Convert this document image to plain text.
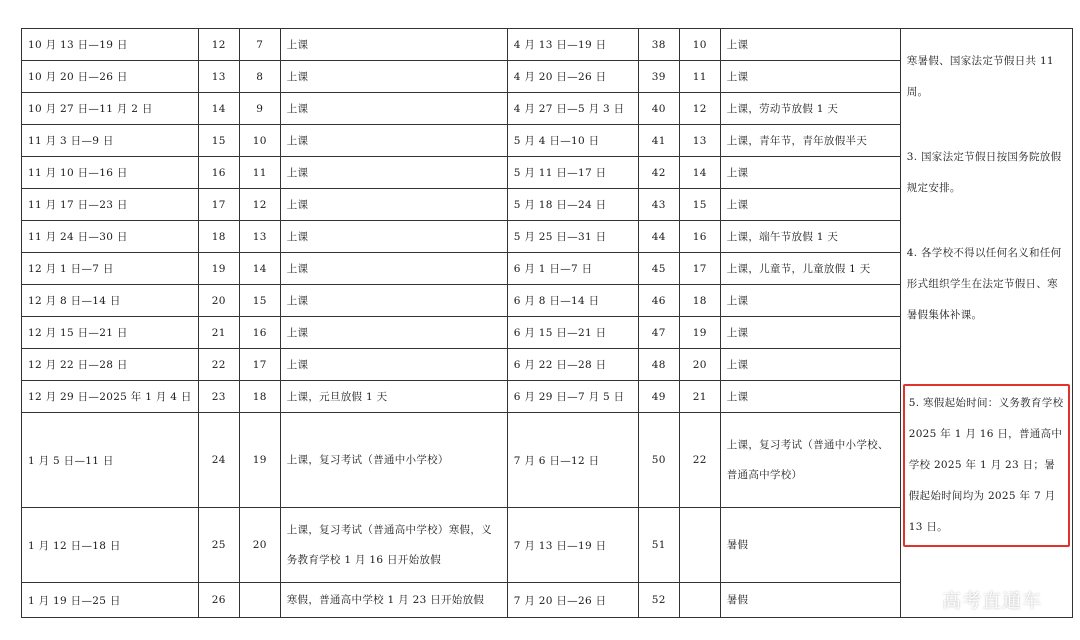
10 月 13 日—19 日	12	7	上课	4 月 13 日—19 日	38	10	上课	寒暑假、国家法定节假日共 11 周。

10 月 20 日—26 日	13	8	上课	4 月 20 日—26 日	39	11	上课	
10 月 27 日—11 月 2 日	14	9	上课	4 月 27 日—5 月 3 日	40	12	上课，劳动节放假 1 天	
11 月 3 日—9 日	15	10	上课	5 月 4 日—10 日	41	13	上课，青年节，青年放假半天	3. 国家法定节假日按国务院放假规定安排。

11 月 10 日—16 日	16	11	上课	5 月 11 日—17 日	42	14	上课	
11 月 17 日—23 日	17	12	上课	5 月 18 日—24 日	43	15	上课	
11 月 24 日—30 日	18	13	上课	5 月 25 日—31 日	44	16	上课，端午节放假 1 天	4. 各学校不得以任何名义和任何形式组织学生在法定节假日、寒暑假集体补课。

12 月 1 日—7 日	19	14	上课	6 月 1 日—7 日	45	17	上课，儿童节，儿童放假 1 天	
12 月 8 日—14 日	20	15	上课	6 月 8 日—14 日	46	18	上课	
12 月 15 日—21 日	21	16	上课	6 月 15 日—21 日	47	19	上课	
12 月 22 日—28 日	22	17	上课	6 月 22 日—28 日	48	20	上课	5. 寒假起始时间：义务教育学校 2025 年 1 月 16 日，普通高中学校 2025 年 1 月 23 日；暑假起始时间均为 2025 年 7 月 13 日。

12 月 29 日—2025 年 1 月 4 日	23	18	上课，元旦放假 1 天	6 月 29 日—7 月 5 日	49	21	上课	
1 月 5 日—11 日	24	19	上课，复习考试（普通中小学校）	7 月 6 日—12 日	50	22	上课，复习考试（普通中小学校、普通高中学校）	
1 月 12 日—18 日	25	20	上课，复习考试（普通高中学校）寒假，义务教育学校 1 月 16 日开始放假	7 月 13 日—19 日	51		暑假	
1 月 19 日—25 日	26		寒假，普通高中学校 1 月 23 日开始放假	7 月 20 日—26 日	52		暑假		高考直通车
